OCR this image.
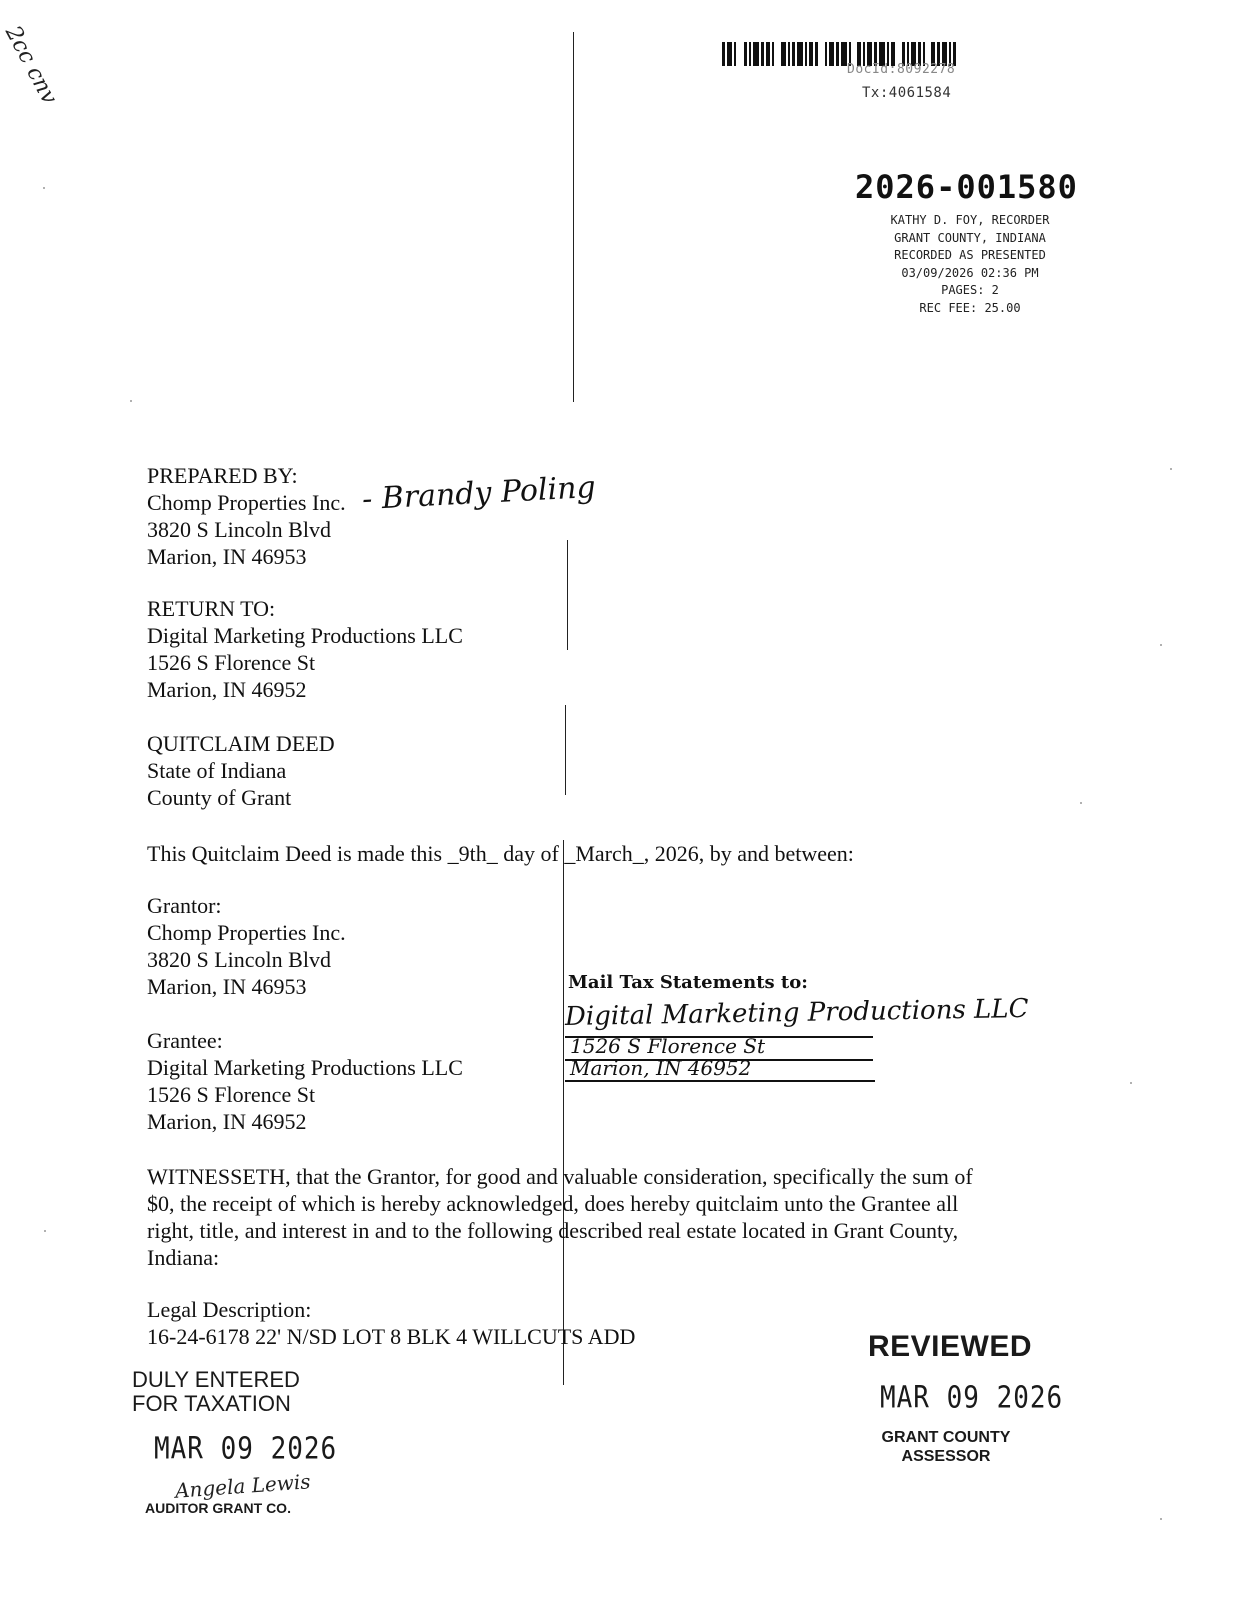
2cc cnv	DocId:8092278
Tx:4061584
2026-001580
KATHY D. FOY, RECORDER
GRANT COUNTY, INDIANA
RECORDED AS PRESENTED
03/09/2026 02:36 PM
PAGES: 2
REC FEE: 25.00
PREPARED BY:
Chomp Properties Inc.
3820 S Lincoln Blvd
Marion, IN 46953
- Brandy Poling
RETURN TO:
Digital Marketing Productions LLC
1526 S Florence St
Marion, IN 46952
QUITCLAIM DEED
State of Indiana
County of Grant
This Quitclaim Deed is made this _9th_ day of _March_, 2026, by and between:
Grantor:
Chomp Properties Inc.
3820 S Lincoln Blvd
Marion, IN 46953
Grantee:
Digital Marketing Productions LLC
1526 S Florence St
Marion, IN 46952
Mail Tax Statements to:
Digital Marketing Productions LLC
1526 S Florence St
Marion, IN 46952
WITNESSETH, that the Grantor, for good and valuable consideration, specifically the sum of
$0, the receipt of which is hereby acknowledged, does hereby quitclaim unto the Grantee all
right, title, and interest in and to the following described real estate located in Grant County,
Indiana:
Legal Description:
16-24-6178 22' N/SD LOT 8 BLK 4 WILLCUTS ADD
DULY ENTERED
FOR TAXATION
MAR 09 2026
Angela Lewis
AUDITOR GRANT CO.
REVIEWED
MAR 09 2026
GRANT COUNTY
ASSESSOR
